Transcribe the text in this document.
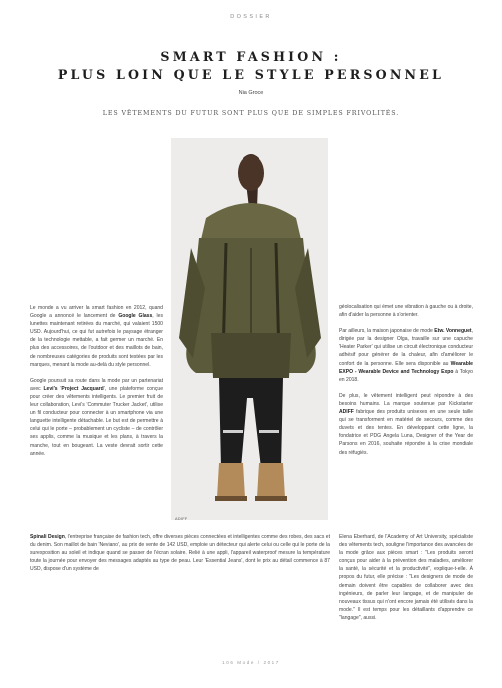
DOSSIER
SMART FASHION :
PLUS LOIN QUE LE STYLE PERSONNEL
Nia Groce
LES VÊTEMENTS DU FUTUR SONT PLUS QUE DE SIMPLES FRIVOLITÉS.
ADIFF

Le monde a vu arriver la smart fashion en 2012, quand Google a annoncé le lancement de Google Glass, les lunettes maintenant retirées du marché, qui valaient 1500 USD. Aujourd'hui, ce qui fut autrefois le paysage étranger de la technologie mettable, a fait germer un marché. En plus des accessoires, de l'outdoor et des maillots de bain, de nombreuses catégories de produits sont testées par les marques, menant la mode au-delà du style personnel.

Google poursuit sa route dans la mode par un partenariat avec Levi's 'Project Jacquard', une plateforme conçue pour créer des vêtements intelligents. Le premier fruit de leur collaboration, Levi's 'Commuter Trucker Jacket', utilise un fil conducteur pour connecter à un smartphone via une languette intelligente détachable. Le but est de permettre à celui qui le porte – probablement un cycliste – de contrôler ses applis, comme la musique et les plans, à travers la manche, tout en bougeant. La veste devrait sortir cette année.

Spinali Design, l'entreprise française de fashion tech, offre diverses pièces connectées et intelligentes comme des robes, des sacs et du denim. Son maillot de bain 'Neviano', au prix de vente de 142 USD, emploie un détecteur qui alerte celui ou celle qui le porte de la surexposition au soleil et indique quand se passer de l'écran solaire. Relié à une appli, l'appareil waterproof mesure la température toute la journée pour envoyer des messages adaptés au type de peau. Leur 'Essential Jeans', dont le prix au détail commence à 87 USD, dispose d'un système de

géolocalisation qui émet une vibration à gauche ou à droite, afin d'aider la personne à s'orienter.

Par ailleurs, la maison japonaise de mode Etw. Vonneguet, dirigée par la designer Olga, travaille sur une capuche 'Heater Parker' qui utilise un circuit électronique conducteur adhésif pour générer de la chaleur, afin d'améliorer le confort de la personne. Elle sera disponible au Wearable EXPO - Wearable Device and Technology Expo à Tokyo en 2018.

De plus, le vêtement intelligent peut répondre à des besoins humains. La marque soutenue par Kickstarter ADIFF fabrique des produits unisexes en une seule taille qui se transforment en matériel de secours, comme des duvets et des tentes. En développant cette ligne, la fondatrice et PDG Angela Luna, Designer of the Year de Parsons en 2016, souhaite répondre à la crise mondiale des réfugiés.

Elena Eberhard, de l'Academy of Art University, spécialiste des vêtements tech, souligne l'importance des avancées de la mode grâce aux pièces smart : "Les produits seront conçus pour aider à la prévention des maladies, améliorer la santé, la sécurité et la productivité", explique-t-elle. À propos du futur, elle précise : "Les designers de mode de demain doivent être capables de collaborer avec des ingénieurs, de parler leur langage, et de manipuler de nouveaux tissus qui n'ont encore jamais été utilisés dans la mode." Il est temps pour les détaillants d'apprendre ce "langage", aussi.

106 Mode / 2017
